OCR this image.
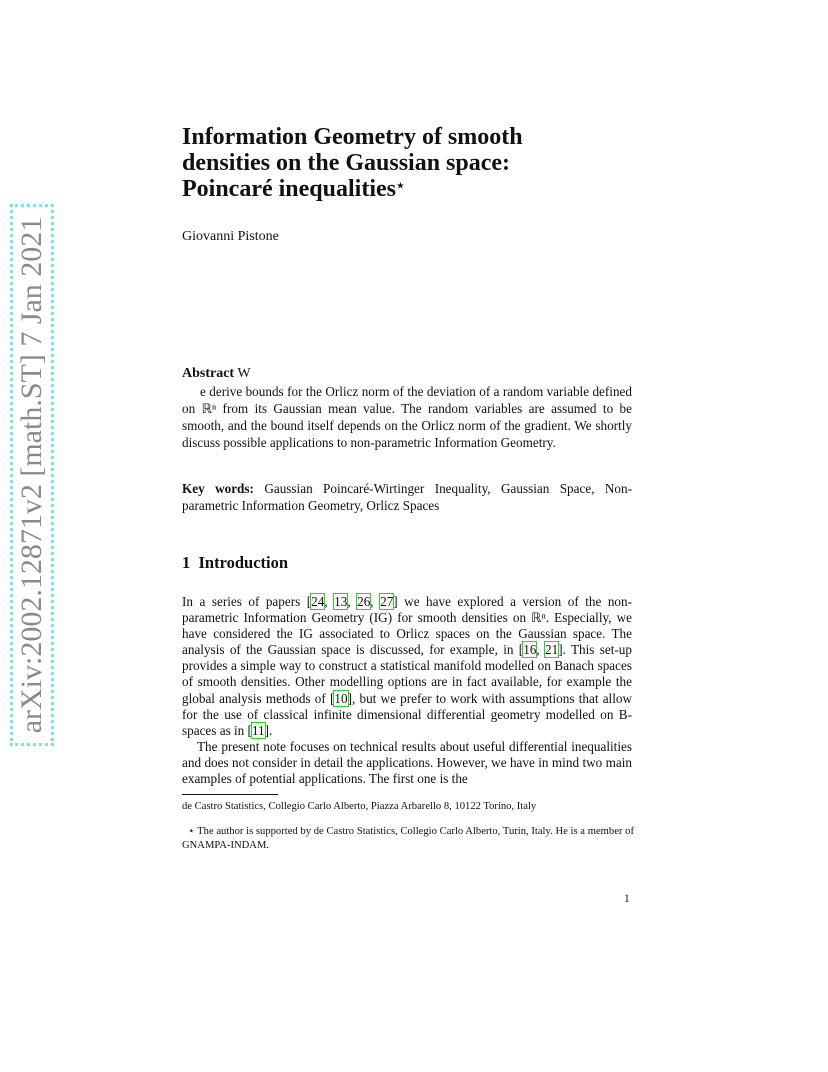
arXiv:2002.12871v2 [math.ST] 7 Jan 2021
Information Geometry of smooth
densities on the Gaussian space:
Poincaré inequalities⋆
Giovanni Pistone
Abstract W

e derive bounds for the Orlicz norm of the deviation of a random variable defined on ℝⁿ from its Gaussian mean value. The random variables are assumed to be smooth, and the bound itself depends on the Orlicz norm of the gradient. We shortly discuss possible applications to non-parametric Information Geometry.

Key words: Gaussian Poincaré-Wirtinger Inequality, Gaussian Space, Non-parametric Information Geometry, Orlicz Spaces

1 Introduction

In a series of papers [24, 13, 26, 27] we have explored a version of the non-parametric Information Geometry (IG) for smooth densities on ℝⁿ. Especially, we have considered the IG associated to Orlicz spaces on the Gaussian space. The analysis of the Gaussian space is discussed, for example, in [16, 21]. This set-up provides a simple way to construct a statistical manifold modelled on Banach spaces of smooth densities. Other modelling options are in fact available, for example the global analysis methods of [10], but we prefer to work with assumptions that allow for the use of classical infinite dimensional differential geometry modelled on B-spaces as in [11].

The present note focuses on technical results about useful differential inequalities and does not consider in detail the applications. However, we have in mind two main examples of potential applications. The first one is the

de Castro Statistics, Collegio Carlo Alberto, Piazza Arbarello 8, 10122 Torino, Italy

⋆ The author is supported by de Castro Statistics, Collegio Carlo Alberto, Turin, Italy. He is a member of GNAMPA-INDAM.

1
